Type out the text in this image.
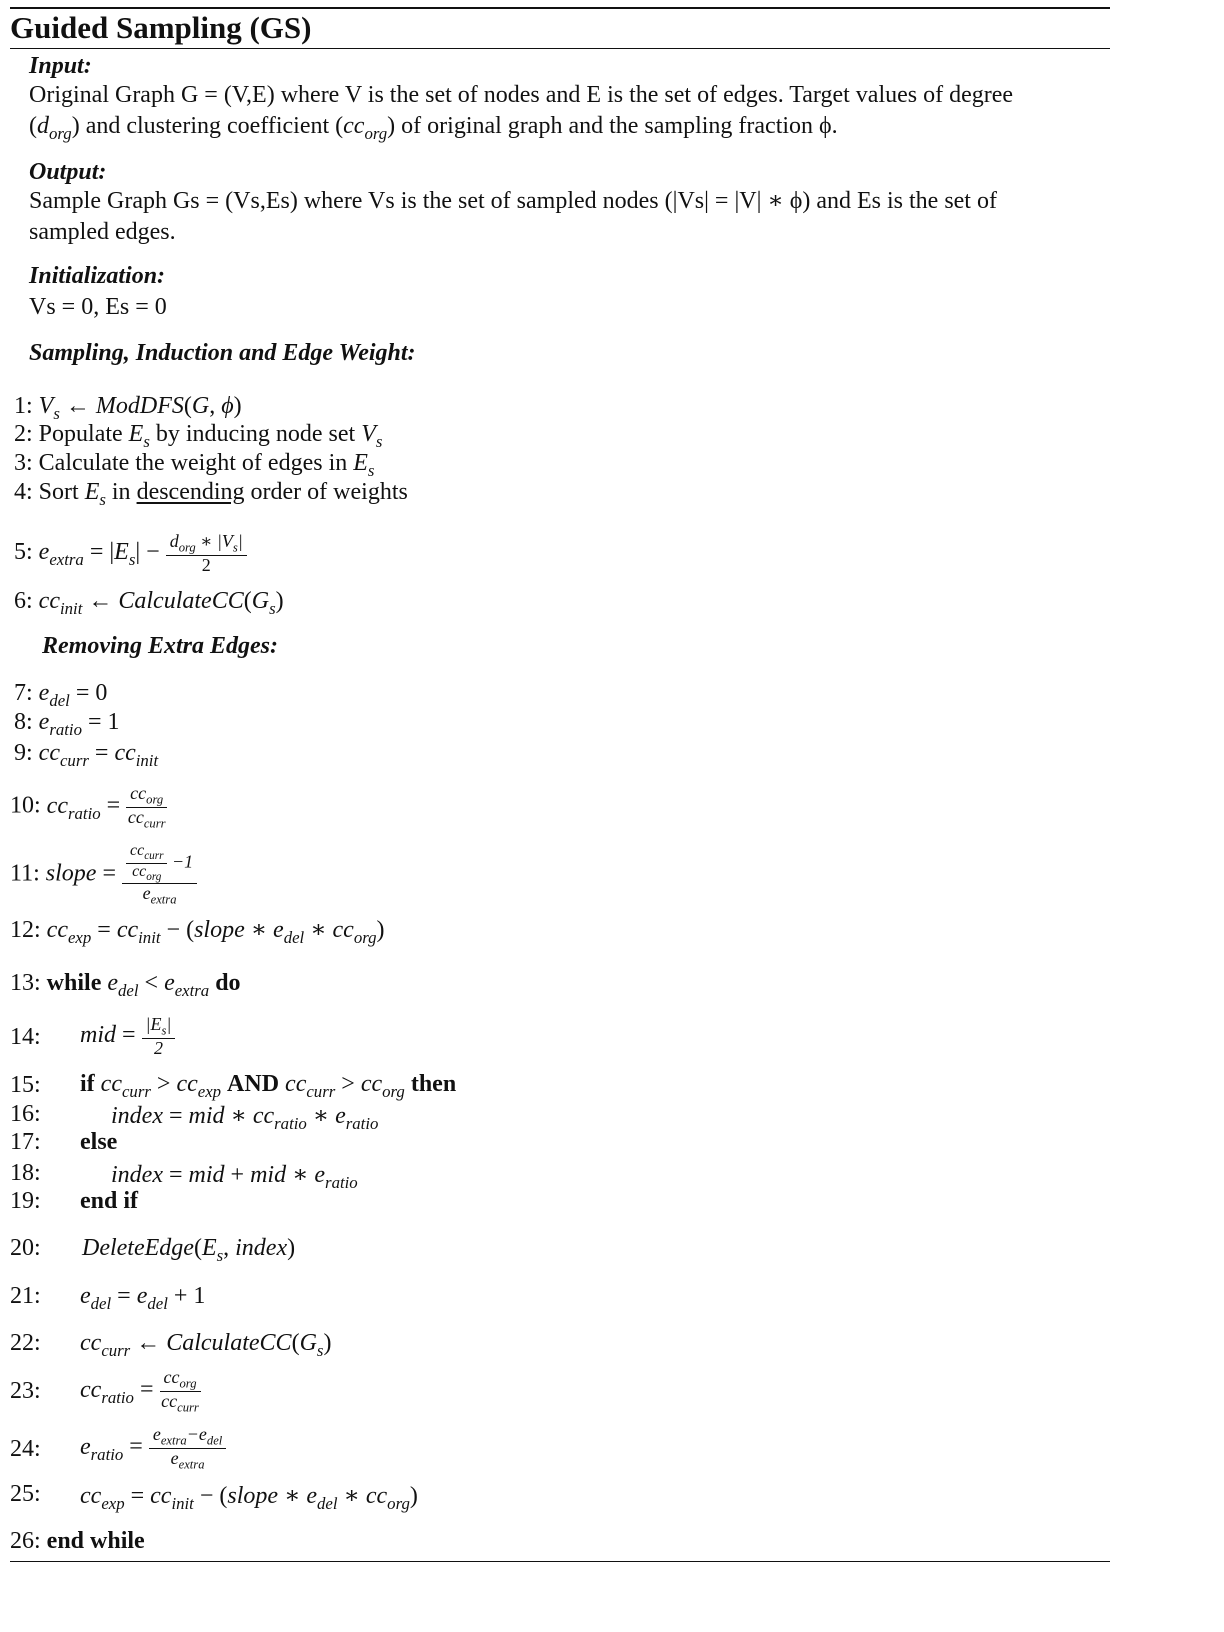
Guided Sampling (GS)
Input:
Original Graph G = (V,E) where V is the set of nodes and E is the set of edges. Target values of degree
$(d_{org})$ and clustering coefficient $(cc_{org})$ of original graph and the sampling fraction ϕ.
Output:
Sample Graph Gs = (Vs,Es) where Vs is the set of sampled nodes (|Vs| = |V| ∗ ϕ) and Es is the set of
sampled edges.
Initialization:
Vs = 0, Es = 0
Sampling, Induction and Edge Weight:
1: $V_s$ ← ModDFS(G, ϕ)
2: Populate $E_s$ by inducing node set $V_s$
3: Calculate the weight of edges in $E_s$
4: Sort $E_s$ in descending order of weights
5: $e_{extra} = |E_s| - \frac{d_{org} ∗ |V_s|}{2}$
6: $cc_{init}$ ← $CalculateCC(G_s)$
Removing Extra Edges:
7: $e_{del} = 0$
8: $e_{ratio} = 1$
9: $cc_{curr} = cc_{init}$
10: $cc_{ratio} = \frac{cc_{org}}{cc_{curr}}$
11: slope = $\frac{\frac{cc_{curr}}{cc_{org}} -1}{e_{extra}}$
12: $cc_{exp} = cc_{init}$ − (slope ∗ $e_{del}$ ∗ $cc_{org}$)
13: while $e_{del} < e_{extra}$ do
14: mid = $\frac{|E_s|}{2}$
15: if $cc_{curr} > cc_{exp}$ AND $cc_{curr} > cc_{org}$ then
16:	index = mid ∗ $cc_{ratio}$ ∗ $e_{ratio}$
17: else
18:	index = mid + mid ∗ $e_{ratio}$
19: end if
20: $DeleteEdge(E_s$, index)
21: $e_{del} = e_{del} + 1$
22: $cc_{curr}$ ← $CalculateCC(G_s)$
23: $cc_{ratio} = \frac{cc_{org}}{cc_{curr}}$
24: $e_{ratio} = \frac{e_{extra}-e_{del}}{e_{extra}}$
25: $cc_{exp} = cc_{init}$ − (slope ∗ $e_{del}$ ∗ $cc_{org}$)
26: end while
